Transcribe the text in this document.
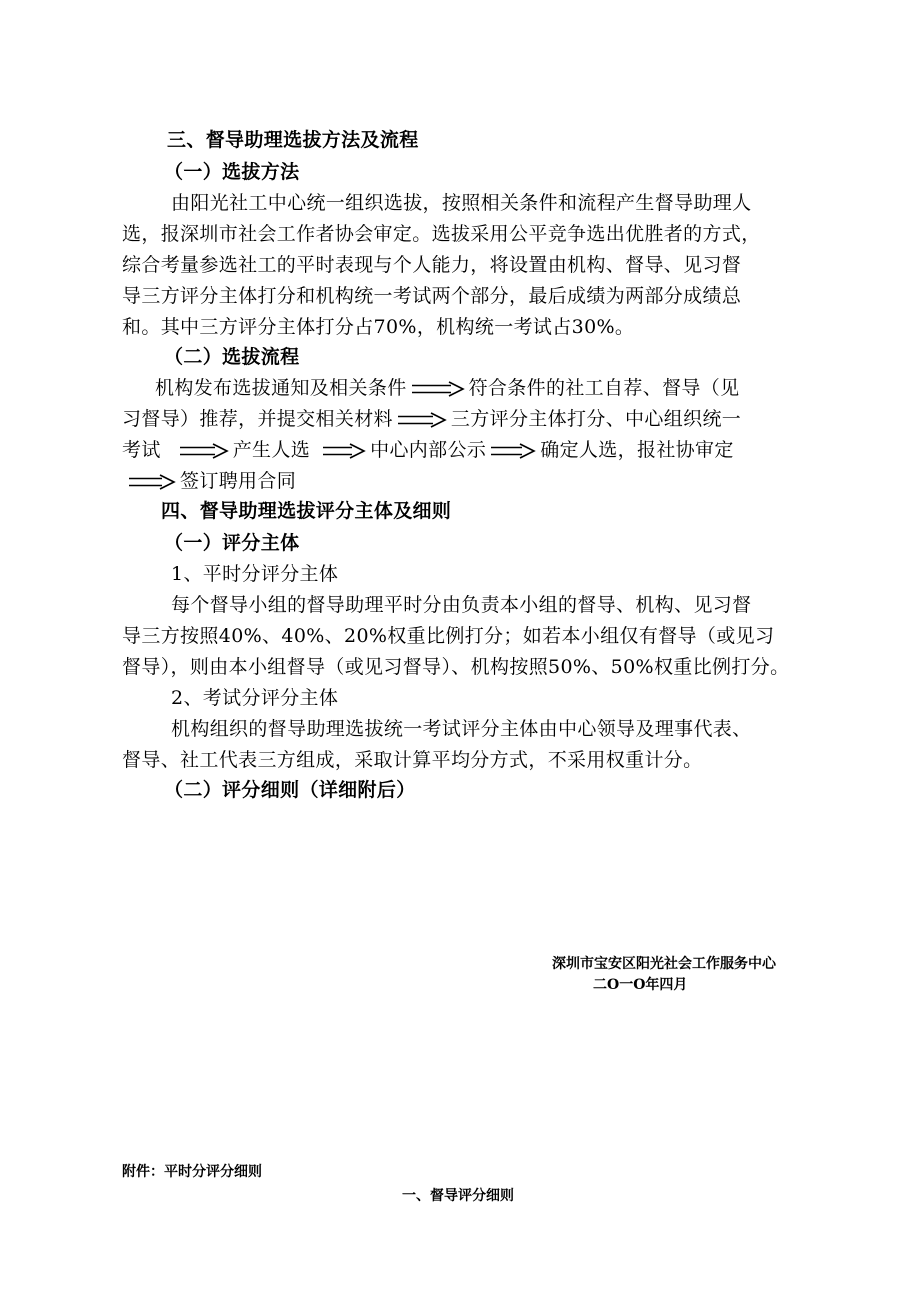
三、督导助理选拔方法及流程

（一）选拔方法

由阳光社工中心统一组织选拔，按照相关条件和流程产生督导助理人

选，报深圳市社会工作者协会审定。选拔采用公平竞争选出优胜者的方式，

综合考量参选社工的平时表现与个人能力，将设置由机构、督导、见习督

导三方评分主体打分和机构统一考试两个部分，最后成绩为两部分成绩总

和。其中三方评分主体打分占70%，机构统一考试占30%。

（二）选拔流程

机构发布选拔通知及相关条件	符合条件的社工自荐、督导（见

习督导）推荐，并提交相关材料	三方评分主体打分、中心组织统一

考试	产生人选	中心内部公示	确定人选，报社协审定

签订聘用合同

四、督导助理选拔评分主体及细则

（一）评分主体

1、平时分评分主体

每个督导小组的督导助理平时分由负责本小组的督导、机构、见习督

导三方按照40%、40%、20%权重比例打分；如若本小组仅有督导（或见习

督导），则由本小组督导（或见习督导）、机构按照50%、50%权重比例打分。

2、考试分评分主体

机构组织的督导助理选拔统一考试评分主体由中心领导及理事代表、

督导、社工代表三方组成，采取计算平均分方式，不采用权重计分。

（二）评分细则（详细附后）

深圳市宝安区阳光社会工作服务中心

二O一O年四月

附件：平时分评分细则

一、督导评分细则
